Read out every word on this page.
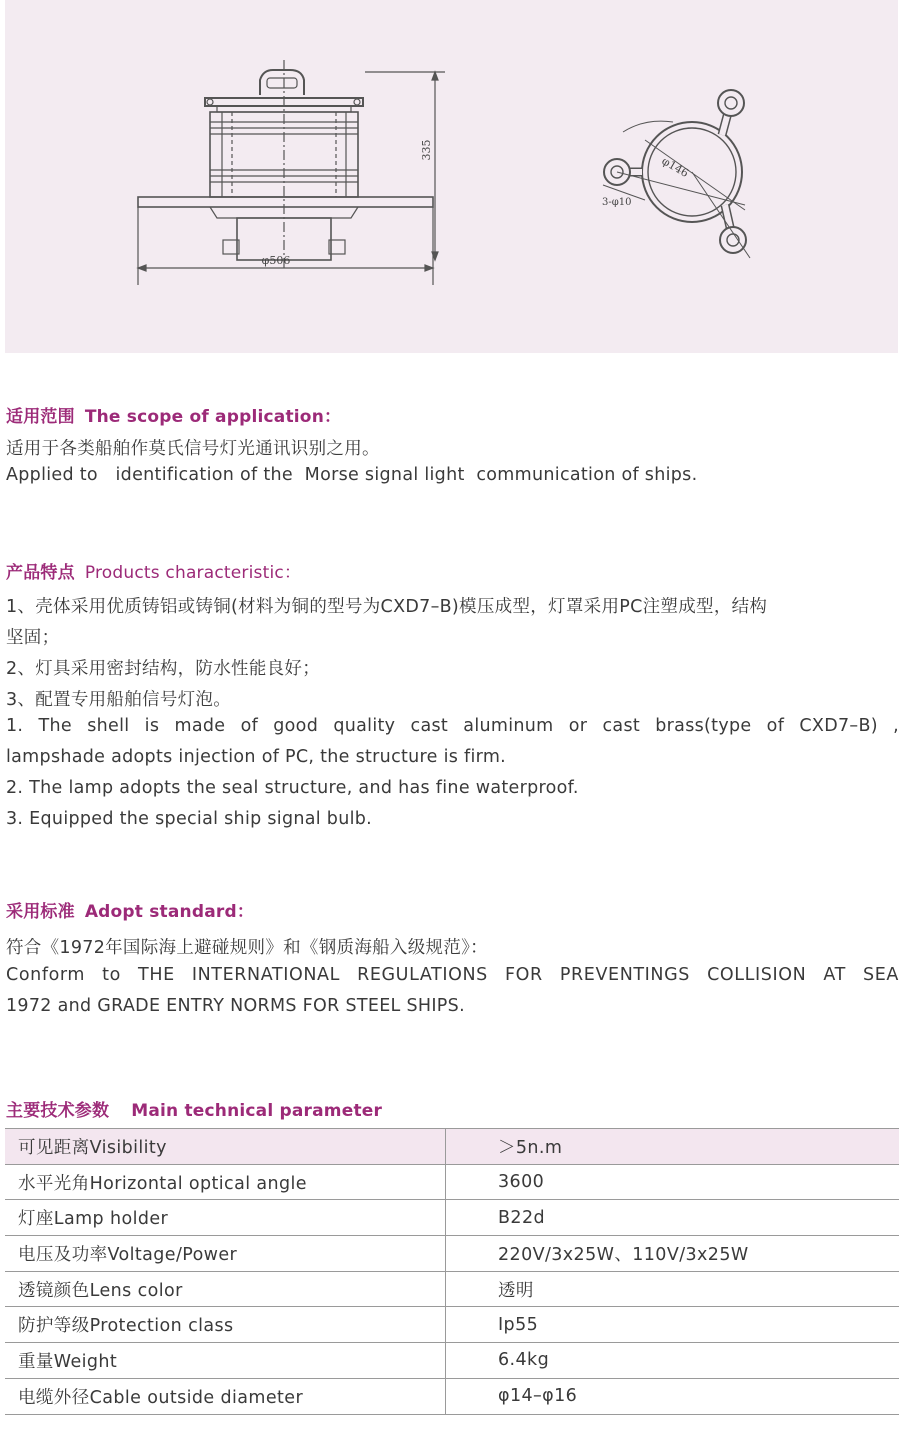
φ506
335
φ146
3-φ10
适用范围 The scope of application：

适用于各类船舶作莫氏信号灯光通讯识别之用。

Applied to   identification of the  Morse signal light  communication of ships.

产品特点 Products characteristic：

1、壳体采用优质铸铝或铸铜(材料为铜的型号为CXD7–B)模压成型，灯罩采用PC注塑成型，结构

坚固；

2、灯具采用密封结构，防水性能良好；

3、配置专用船舶信号灯泡。

1. The shell is made of good quality cast aluminum or cast brass(type of CXD7–B) ,

lampshade adopts injection of PC, the structure is firm.

2. The lamp adopts the seal structure, and has fine waterproof.

3. Equipped the special ship signal bulb.

采用标准 Adopt standard：

符合《1972年国际海上避碰规则》和《钢质海船入级规范》：

Conform to THE INTERNATIONAL REGULATIONS FOR PREVENTINGS COLLISION AT SEA

1972 and GRADE ENTRY NORMS FOR STEEL SHIPS.

主要技术参数 Main technical parameter
可见距离Visibility	＞5n.m
水平光角Horizontal optical angle	3600
灯座Lamp holder	B22d
电压及功率Voltage/Power	220V/3x25W、110V/3x25W
透镜颜色Lens color	透明
防护等级Protection class	Ip55
重量Weight	6.4kg
电缆外径Cable outside diameter	φ14–φ16
